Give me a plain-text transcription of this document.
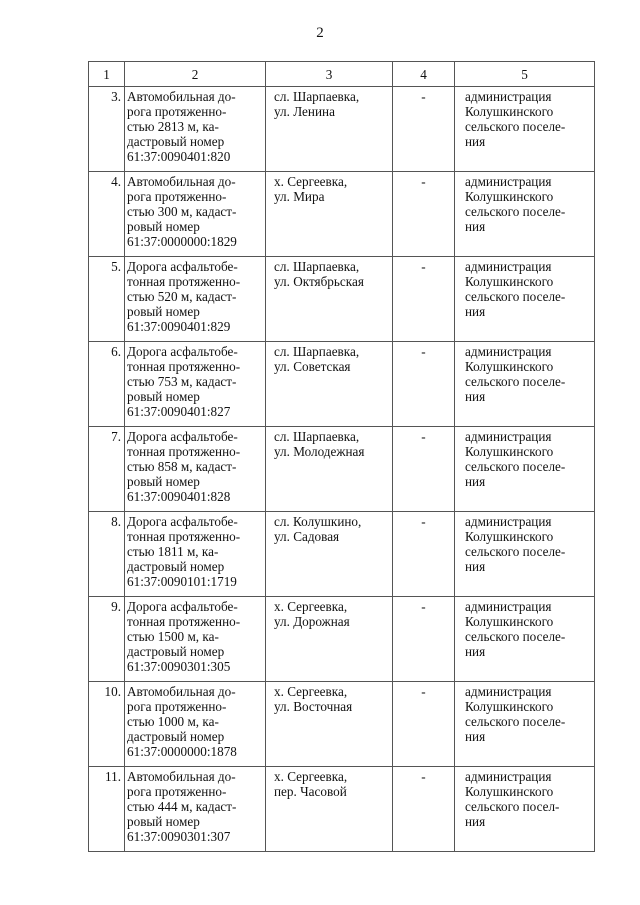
2
1	2	3	4	5
3.	Автомобильная до-
рога протяженно-
стью 2813 м, ка-
дастровый номер
61:37:0090401:820	сл. Шарпаевка,
ул. Ленина	-	администрация
Колушкинского
сельского поселе-
ния

4.	Автомобильная до-
рога протяженно-
стью 300 м, кадаст-
ровый номер
61:37:0000000:1829	х. Сергеевка,
ул. Мира	-	администрация
Колушкинского
сельского поселе-
ния

5.	Дорога асфальтобе-
тонная протяженно-
стью 520 м, кадаст-
ровый номер
61:37:0090401:829	сл. Шарпаевка,
ул. Октябрьская	-	администрация
Колушкинского
сельского поселе-
ния

6.	Дорога асфальтобе-
тонная протяженно-
стью 753 м, кадаст-
ровый номер
61:37:0090401:827	сл. Шарпаевка,
ул. Советская	-	администрация
Колушкинского
сельского поселе-
ния

7.	Дорога асфальтобе-
тонная протяженно-
стью 858 м, кадаст-
ровый номер
61:37:0090401:828	сл. Шарпаевка,
ул. Молодежная	-	администрация
Колушкинского
сельского поселе-
ния

8.	Дорога асфальтобе-
тонная протяженно-
стью 1811 м, ка-
дастровый номер
61:37:0090101:1719	сл. Колушкино,
ул. Садовая	-	администрация
Колушкинского
сельского поселе-
ния

9.	Дорога асфальтобе-
тонная протяженно-
стью 1500 м, ка-
дастровый номер
61:37:0090301:305	х. Сергеевка,
ул. Дорожная	-	администрация
Колушкинского
сельского поселе-
ния

10.	Автомобильная до-
рога протяженно-
стью 1000 м, ка-
дастровый номер
61:37:0000000:1878	х. Сергеевка,
ул. Восточная	-	администрация
Колушкинского
сельского поселе-
ния

11.	Автомобильная до-
рога протяженно-
стью 444 м, кадаст-
ровый номер
61:37:0090301:307	х. Сергеевка,
пер. Часовой	-	администрация
Колушкинского
сельского посел-
ния
